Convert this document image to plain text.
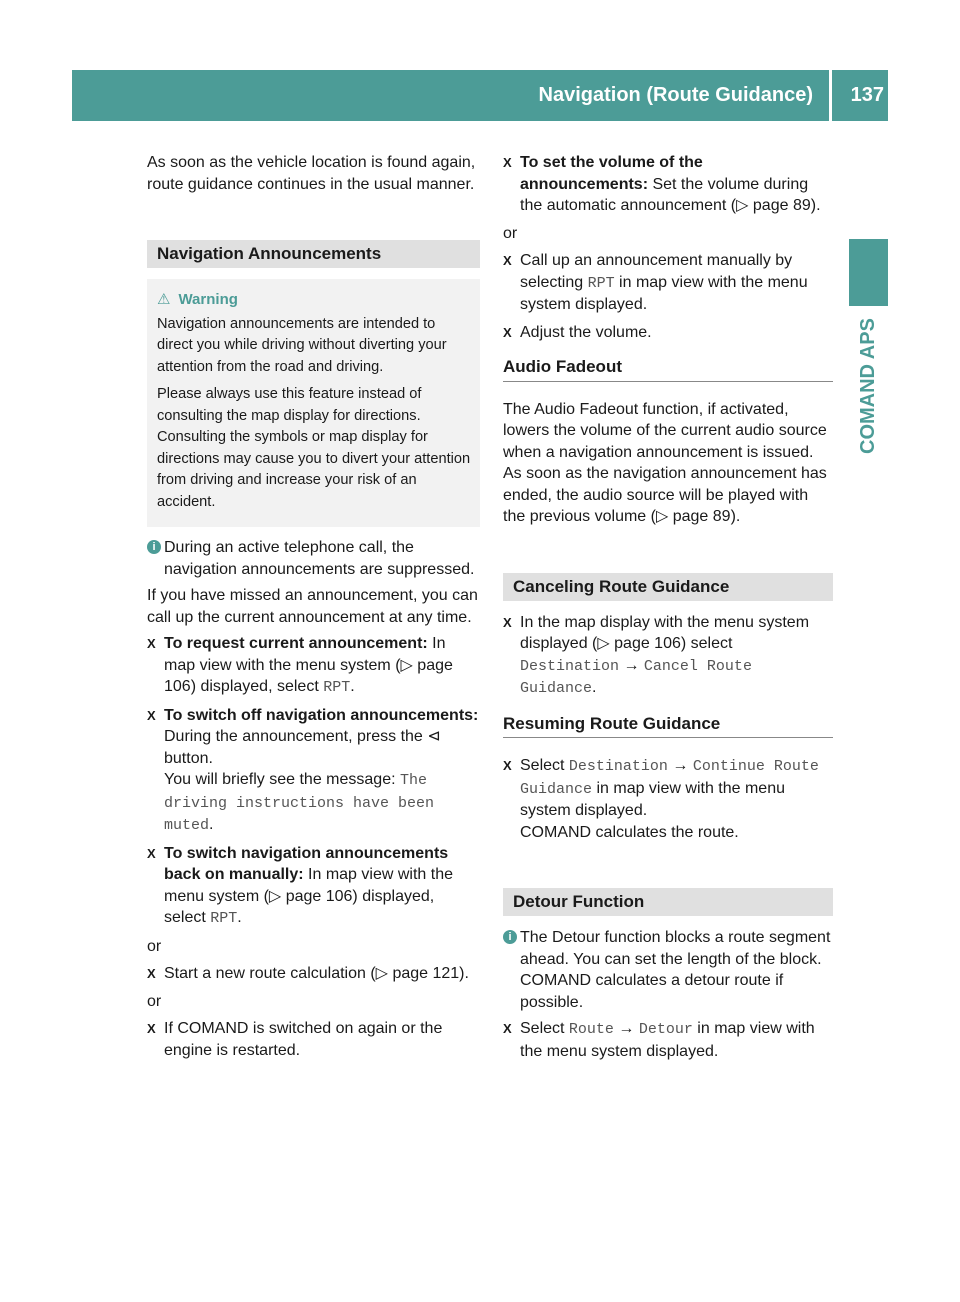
Navigation (Route Guidance) 137
COMAND APS

As soon as the vehicle location is found again, route guidance continues in the usual manner.

Navigation Announcements
⚠ Warning

Navigation announcements are intended to direct you while driving without diverting your attention from the road and driving.

Please always use this feature instead of consulting the map display for directions. Consulting the symbols or map display for directions may cause you to divert your attention from driving and increase your risk of an accident.

i During an active telephone call, the navigation announcements are suppressed.

If you have missed an announcement, you can call up the current announcement at any time.

X To request current announcement: In map view with the menu system (▷ page 106) displayed, select RPT.
X To switch off navigation announcements: During the announcement, press the ⊲ button.
You will briefly see the message: The driving instructions have been muted.
X To switch navigation announcements back on manually: In map view with the menu system (▷ page 106) displayed, select RPT.
or
X Start a new route calculation (▷ page 121).
or
X If COMAND is switched on again or the engine is restarted.
X To set the volume of the announcements: Set the volume during the automatic announcement (▷ page 89).
or
X Call up an announcement manually by selecting RPT in map view with the menu system displayed.
X Adjust the volume.
Audio Fadeout

The Audio Fadeout function, if activated, lowers the volume of the current audio source when a navigation announcement is issued. As soon as the navigation announcement has ended, the audio source will be played with the previous volume (▷ page 89).

Canceling Route Guidance
X In the map display with the menu system displayed (▷ page 106) select Destination → Cancel Route Guidance.
Resuming Route Guidance
X Select Destination → Continue Route Guidance in map view with the menu system displayed.
COMAND calculates the route.
Detour Function
i The Detour function blocks a route segment ahead. You can set the length of the block. COMAND calculates a detour route if possible.
X Select Route → Detour in map view with the menu system displayed.
